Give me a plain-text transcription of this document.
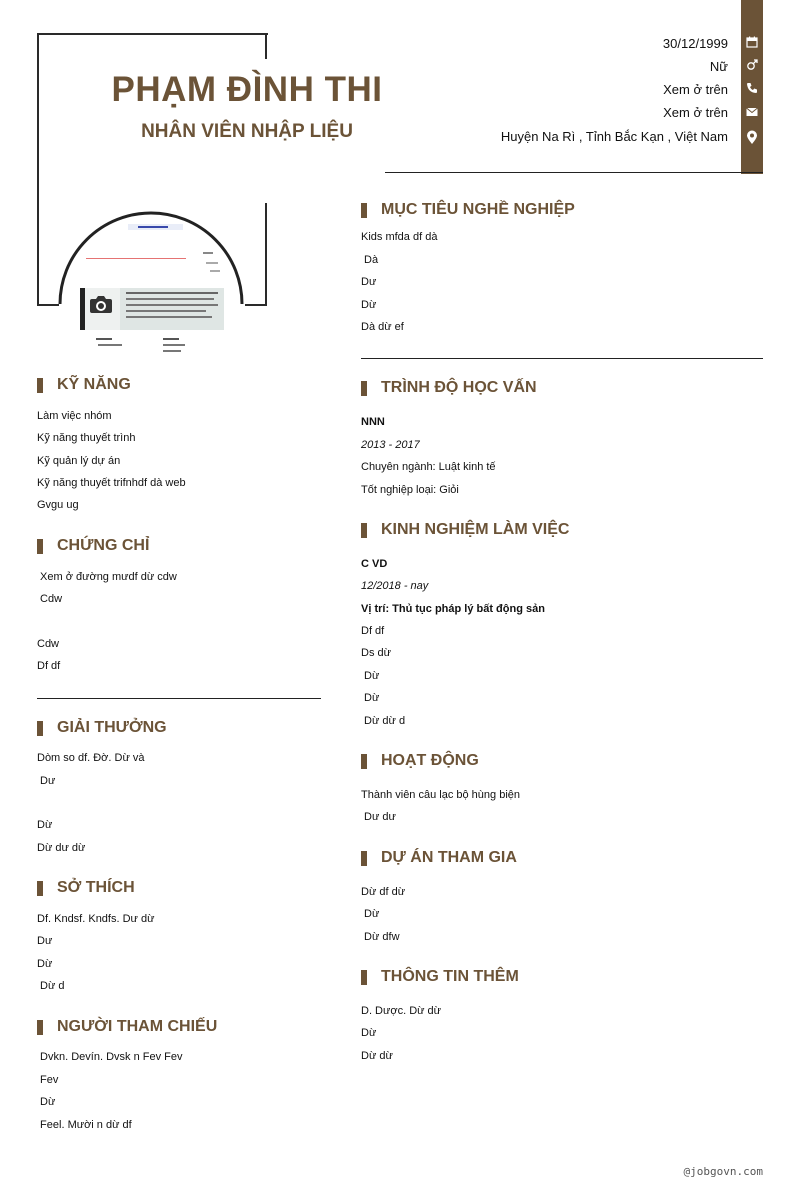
PHẠM ĐÌNH THI
NHÂN VIÊN NHẬP LIỆU
30/12/1999
Nữ
Xem ở trên
Xem ở trên
Huyện Na Rì , Tỉnh Bắc Kạn , Việt Nam
KỸ NĂNG
Làm việc nhóm
Kỹ năng thuyết trình
Kỹ quản lý dự án
Kỹ năng thuyết trifnhdf dà web
Gvgu ug
CHỨNG CHỈ
Xem ở đường mưdf dừ cdw
Cdw
Cdw
Df df
GIẢI THƯỞNG
Dòm so df. Đờ. Dừ và
Dư
Dừ
Dừ dư dừ
SỞ THÍCH
Df. Kndsf. Kndfs. Dư dừ
Dư
Dừ
Dừ d
NGƯỜI THAM CHIẾU
Dvkn. Devín. Dvsk n Fev Fev
Fev
Dừ
Feel. Mười n dừ df
MỤC TIÊU NGHỀ NGHIỆP
Kids mfda df dà
Dà
Dư
Dừ
Dà dừ ef
TRÌNH ĐỘ HỌC VẤN
NNN
2013 - 2017
Chuyên ngành: Luật kinh tế
Tốt nghiệp loại: Giỏi
KINH NGHIỆM LÀM VIỆC
C VD
12/2018 - nay
Vị trí: Thủ tục pháp lý bất động sản
Df df
Ds dừ
Dừ
Dừ
Dừ dừ d
HOẠT ĐỘNG
Thành viên câu lạc bộ hùng biện
Dư dư
DỰ ÁN THAM GIA
Dừ df dừ
Dừ
Dừ dfw
THÔNG TIN THÊM
D. Dược. Dừ dừ
Dừ
Dừ dừ
@jobgovn.com
